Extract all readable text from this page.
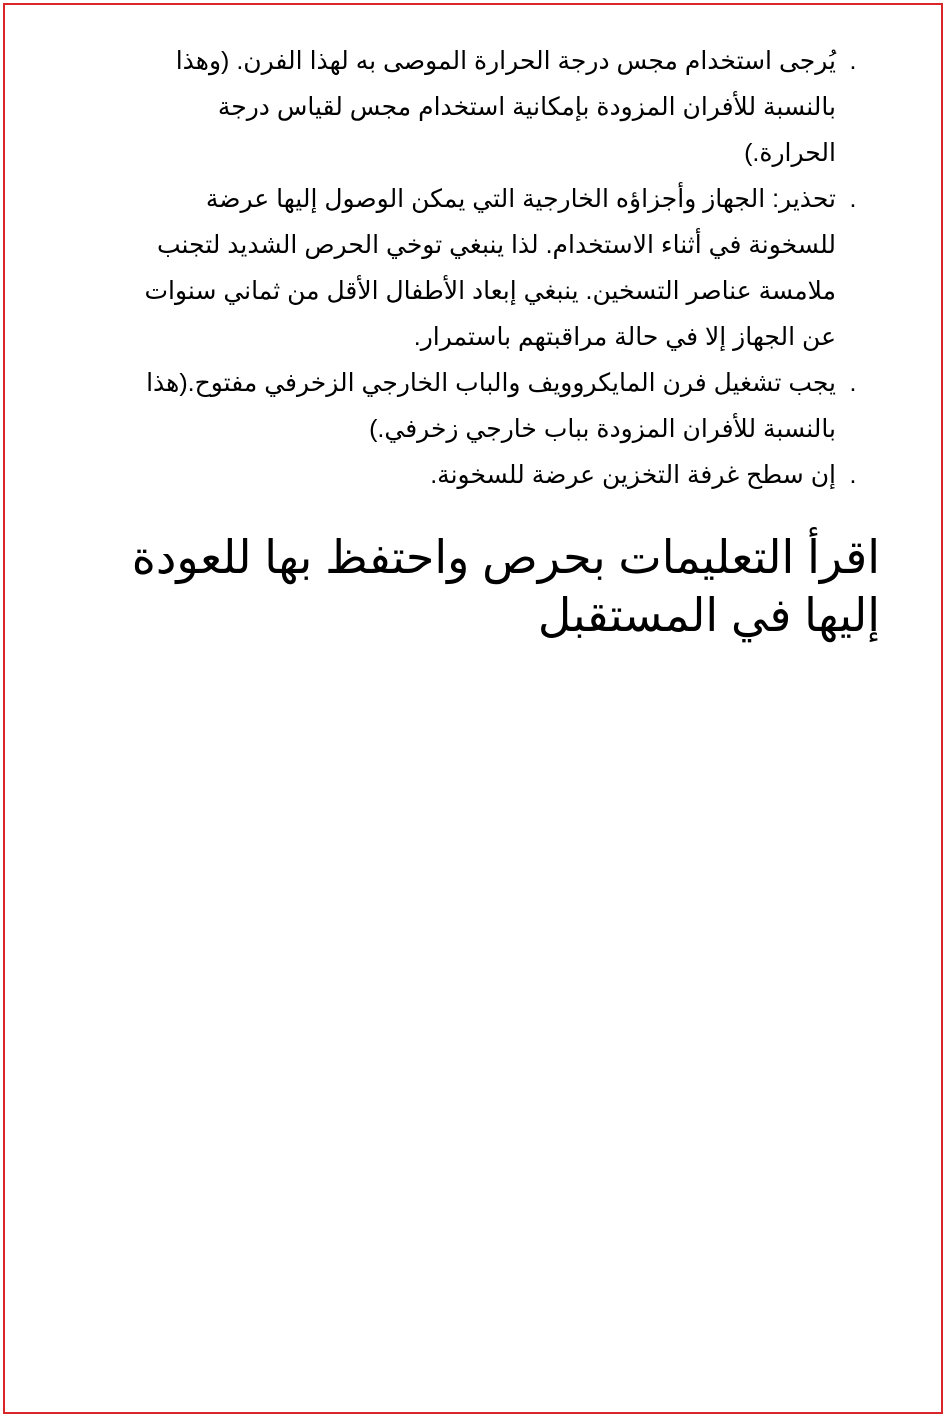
.
يُرجى استخدام مجس درجة الحرارة الموصى به لهذا الفرن. (وهذا بالنسبة للأفران المزودة بإمكانية استخدام مجس لقياس درجة الحرارة.)
.
تحذير: الجهاز وأجزاؤه الخارجية التي يمكن الوصول إليها عرضة للسخونة في أثناء الاستخدام. لذا ينبغي توخي الحرص الشديد لتجنب ملامسة عناصر التسخين. ينبغي إبعاد الأطفال الأقل من ثماني سنوات عن الجهاز إلا في حالة مراقبتهم باستمرار.
.
يجب تشغيل فرن المايكروويف والباب الخارجي الزخرفي مفتوح.(هذا بالنسبة للأفران المزودة بباب خارجي زخرفي.)
.
إن سطح غرفة التخزين عرضة للسخونة.
اقرأ التعليمات بحرص واحتفظ بها للعودة إليها في المستقبل
